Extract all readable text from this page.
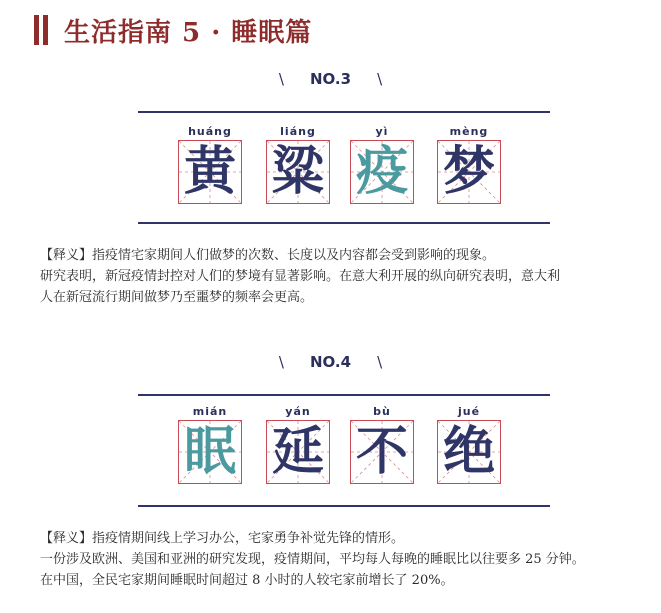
生活指南 5 · 睡眠篇
\ NO.3 \
huáng	liáng	yì	mèng
黄 粱 疫 梦

【释义】指疫情宅家期间人们做梦的次数、长度以及内容都会受到影响的现象。

研究表明，新冠疫情封控对人们的梦境有显著影响。在意大利开展的纵向研究表明，意大利

人在新冠流行期间做梦乃至噩梦的频率会更高。

\ NO.4 \
mián	yán	bù	jué
眠 延 不 绝

【释义】指疫情期间线上学习办公，宅家勇争补觉先锋的情形。

一份涉及欧洲、美国和亚洲的研究发现，疫情期间，平均每人每晚的睡眠比以往要多 25 分钟。

在中国，全民宅家期间睡眠时间超过 8 小时的人较宅家前增长了 20%。
